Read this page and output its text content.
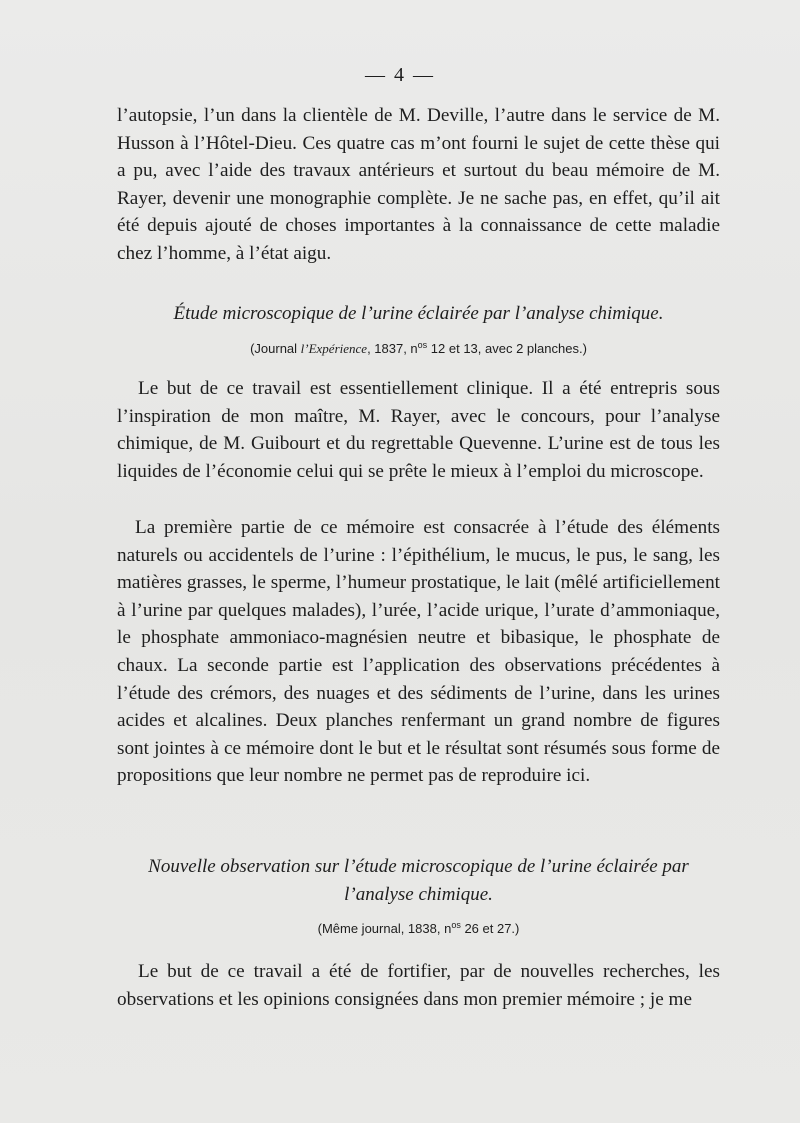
— 4 —

l’autopsie, l’un dans la clientèle de M. Deville, l’autre dans le service de M. Husson à l’Hôtel-Dieu. Ces quatre cas m’ont fourni le sujet de cette thèse qui a pu, avec l’aide des travaux antérieurs et surtout du beau mémoire de M. Rayer, devenir une monographie complète. Je ne sache pas, en effet, qu’il ait été depuis ajouté de choses importantes à la connaissance de cette maladie chez l’homme, à l’état aigu.

Étude microscopique de l’urine éclairée par l’analyse chimique.

(Journal l’Expérience, 1837, $n^{os}$ 12 et 13, avec 2 planches.)

Le but de ce travail est essentiellement clinique. Il a été entrepris sous l’inspiration de mon maître, M. Rayer, avec le concours, pour l’analyse chimique, de M. Guibourt et du regrettable Quevenne. L’urine est de tous les liquides de l’économie celui qui se prête le mieux à l’emploi du microscope.

La première partie de ce mémoire est consacrée à l’étude des éléments naturels ou accidentels de l’urine : l’épithélium, le mucus, le pus, le sang, les matières grasses, le sperme, l’humeur prostatique, le lait (mêlé artificiellement à l’urine par quelques malades), l’urée, l’acide urique, l’urate d’ammoniaque, le phosphate ammoniaco-magnésien neutre et bibasique, le phosphate de chaux. La seconde partie est l’application des observations précédentes à l’étude des crémors, des nuages et des sédiments de l’urine, dans les urines acides et alcalines. Deux planches renfermant un grand nombre de figures sont jointes à ce mémoire dont le but et le résultat sont résumés sous forme de propositions que leur nombre ne permet pas de reproduire ici.

Nouvelle observation sur l’étude microscopique de l’urine éclairée par
l’analyse chimique.

(Même journal, 1838, $n^{os}$ 26 et 27.)

Le but de ce travail a été de fortifier, par de nouvelles recherches, les observations et les opinions consignées dans mon premier mémoire ; je me
